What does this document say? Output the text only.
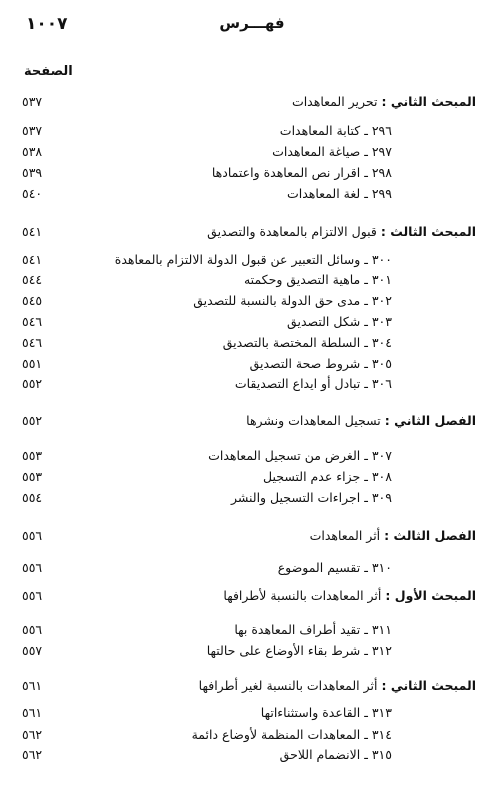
١٠٠٧	فهـــرس
الصفحة
المبحث الثاني : تحرير المعاهدات
٥٣٧
٢٩٦ ـ كتابة المعاهدات
٥٣٧
٢٩٧ ـ صياغة المعاهدات
٥٣٨
٢٩٨ ـ اقرار نص المعاهدة واعتمادها
٥٣٩
٢٩٩ ـ لغة المعاهدات
٥٤٠
المبحث الثالث : قبول الالتزام بالمعاهدة والتصديق
٥٤١
٣٠٠ ـ وسائل التعبير عن قبول الدولة الالتزام بالمعاهدة
٥٤١
٣٠١ ـ ماهية التصديق وحكمته
٥٤٤
٣٠٢ ـ مدى حق الدولة بالنسبة للتصديق
٥٤٥
٣٠٣ ـ شكل التصديق
٥٤٦
٣٠٤ ـ السلطة المختصة بالتصديق
٥٤٦
٣٠٥ ـ شروط صحة التصديق
٥٥١
٣٠٦ ـ تبادل أو ايداع التصديقات
٥٥٢
الفصل الثاني : تسجيل المعاهدات ونشرها
٥٥٢
٣٠٧ ـ الغرض من تسجيل المعاهدات
٥٥٣
٣٠٨ ـ جزاء عدم التسجيل
٥٥٣
٣٠٩ ـ اجراءات التسجيل والنشر
٥٥٤
الفصل الثالث : أثر المعاهدات
٥٥٦
٣١٠ ـ تقسيم الموضوع
٥٥٦
المبحث الأول : أثر المعاهدات بالنسبة لأطرافها
٥٥٦
٣١١ ـ تقيد أطراف المعاهدة بها
٥٥٦
٣١٢ ـ شرط بقاء الأوضاع على حالتها
٥٥٧
المبحث الثاني : أثر المعاهدات بالنسبة لغير أطرافها
٥٦١
٣١٣ ـ القاعدة واستثناءاتها
٥٦١
٣١٤ ـ المعاهدات المنظمة لأوضاع دائمة
٥٦٢
٣١٥ ـ الانضمام اللاحق
٥٦٢
